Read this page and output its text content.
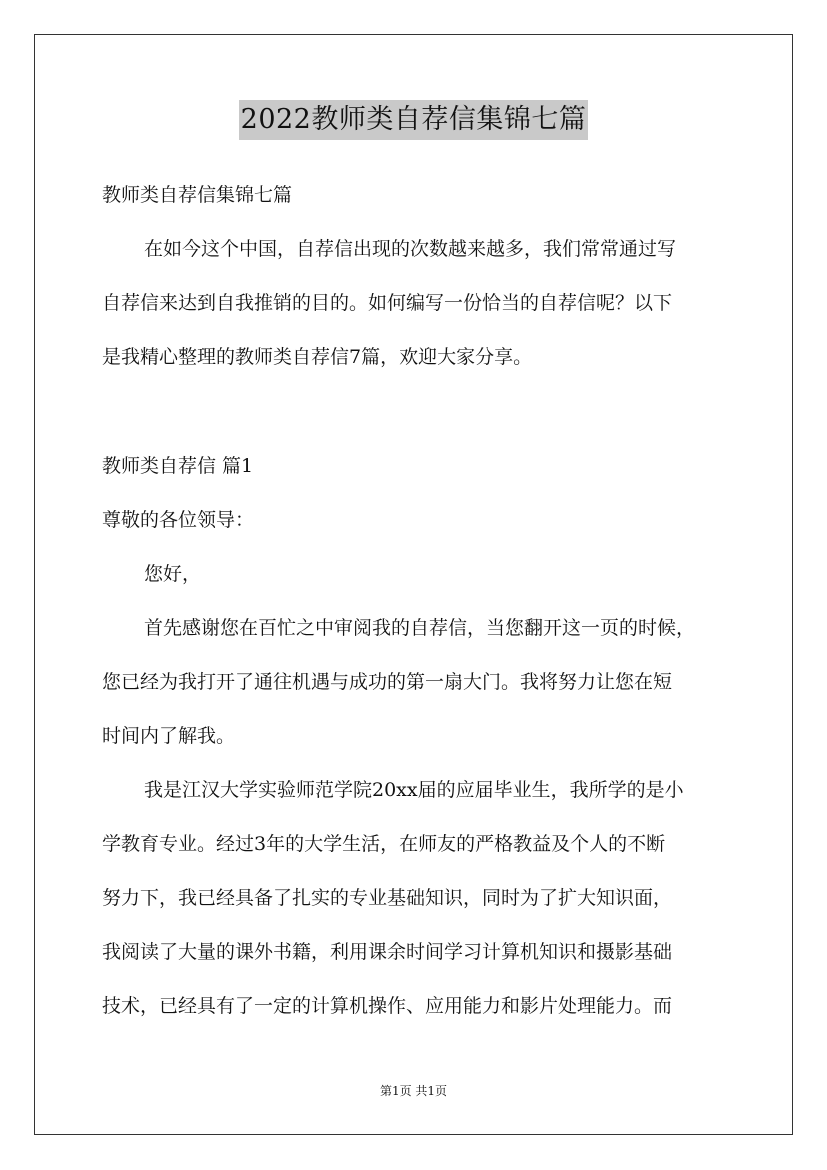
2022教师类自荐信集锦七篇
教师类自荐信集锦七篇
在如今这个中国，自荐信出现的次数越来越多，我们常常通过写
自荐信来达到自我推销的目的。如何编写一份恰当的自荐信呢？以下
是我精心整理的教师类自荐信7篇，欢迎大家分享。
教师类自荐信 篇1
尊敬的各位领导：
您好，
首先感谢您在百忙之中审阅我的自荐信，当您翻开这一页的时候，
您已经为我打开了通往机遇与成功的第一扇大门。我将努力让您在短
时间内了解我。
我是江汉大学实验师范学院20xx届的应届毕业生，我所学的是小
学教育专业。经过3年的大学生活，在师友的严格教益及个人的不断
努力下，我已经具备了扎实的专业基础知识，同时为了扩大知识面，
我阅读了大量的课外书籍，利用课余时间学习计算机知识和摄影基础
技术，已经具有了一定的计算机操作、应用能力和影片处理能力。而
第1页 共1页
